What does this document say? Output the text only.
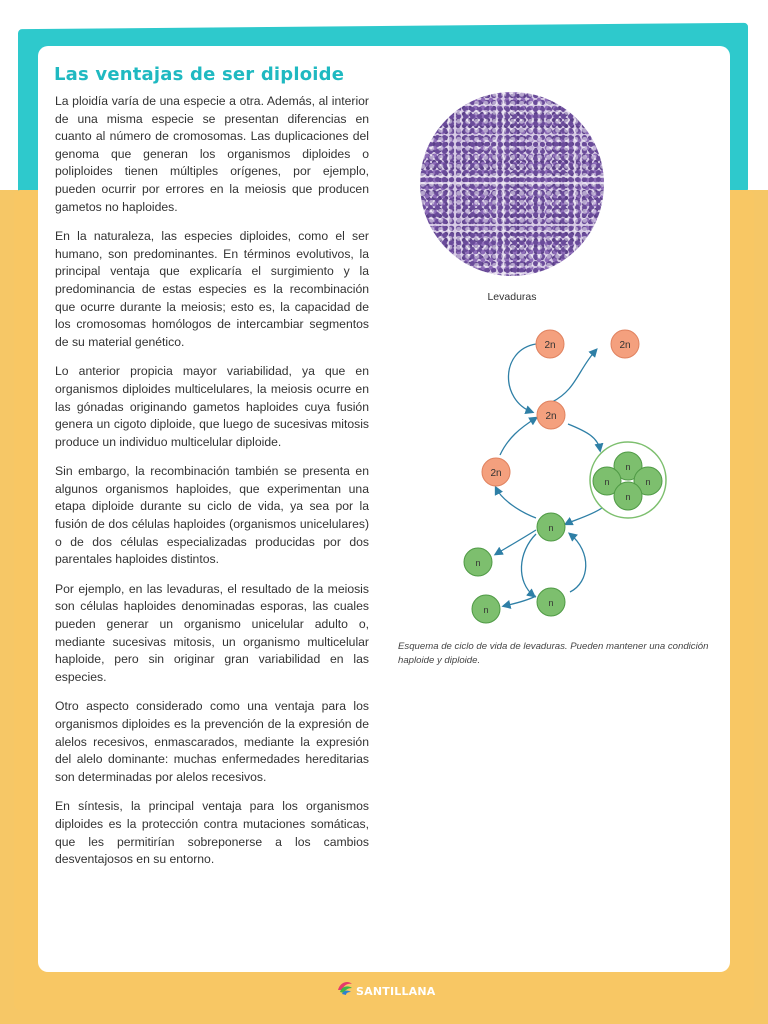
Las ventajas de ser diploide

La ploidía varía de una especie a otra. Además, al interior de una misma especie se presentan diferencias en cuanto al número de cromosomas. Las duplicaciones del genoma que generan los organismos diploides o poliploides tienen múltiples orígenes, por ejemplo, pueden ocurrir por errores en la meiosis que producen gametos no haploides.

En la naturaleza, las especies diploides, como el ser humano, son predominantes. En términos evolutivos, la principal ventaja que explicaría el surgimiento y la predominancia de estas especies es la recombinación que ocurre durante la meiosis; esto es, la capacidad de los cromosomas homólogos de intercambiar segmentos de su material genético.

Lo anterior propicia mayor variabilidad, ya que en organismos diploides multicelulares, la meiosis ocurre en las gónadas originando gametos haploides cuya fusión genera un cigoto diploide, que luego de sucesivas mitosis produce un individuo multicelular diploide.

Sin embargo, la recombinación también se presenta en algunos organismos haploides, que experimentan una etapa diploide durante su ciclo de vida, ya sea por la fusión de dos células haploides (organismos unicelulares) o de dos células especializadas producidas por dos parentales haploides distintos.

Por ejemplo, en las levaduras, el resultado de la meiosis son células haploides denominadas esporas, las cuales pueden generar un organismo unicelular adulto o, mediante sucesivas mitosis, un organismo multicelular haploide, pero sin originar gran variabilidad en las especies.

Otro aspecto considerado como una ventaja para los organismos diploides es la prevención de la expresión de alelos recesivos, enmascarados, mediante la expresión del alelo dominante: muchas enfermedades hereditarias son determinadas por alelos recesivos.

En síntesis, la principal ventaja para los organismos diploides es la protección contra mutaciones somáticas, que les permitirían sobreponerse a los cambios desventajosos en su entorno.

Levaduras
2n	2n
2n
2n
n
n	n
n
n
n
n
n
Esquema de ciclo de vida de levaduras. Pueden mantener una condición haploide y diploide.
SANTILLANA
